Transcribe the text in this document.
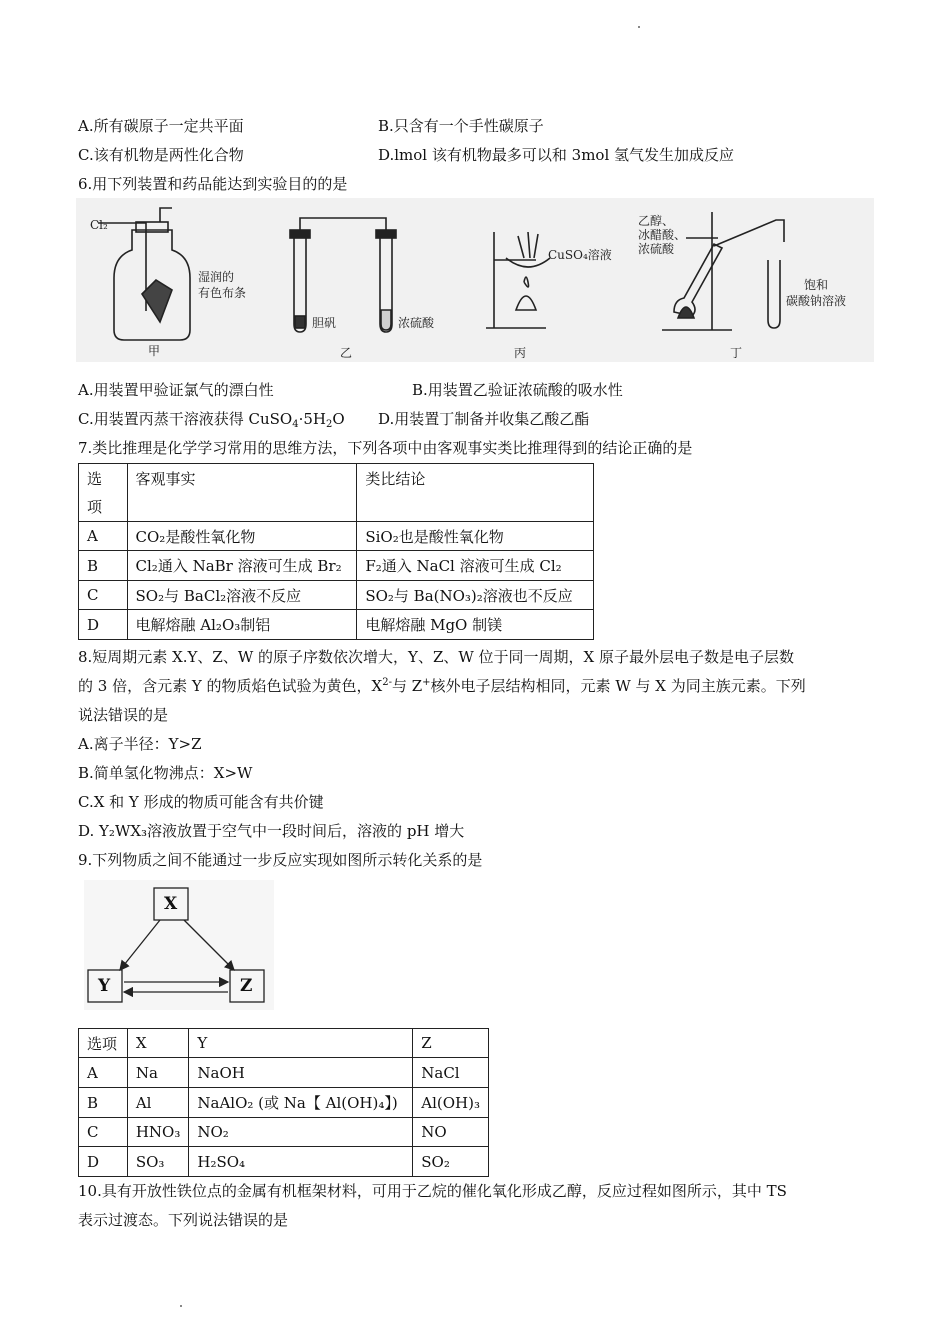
A.所有碳原子一定共平面	B.只含有一个手性碳原子
C.该有机物是两性化合物	D.lmol 该有机物最多可以和 3mol 氢气发生加成反应
6.用下列装置和药品能达到实验目的的是
Cl₂
湿润的
有色布条
胆矾	浓硫酸
CuSO₄溶液
乙醇、
冰醋酸、
浓硫酸
饱和
碳酸钠溶液
甲	乙	丙	丁
A.用装置甲验证氯气的漂白性	B.用装置乙验证浓硫酸的吸水性
C.用装置丙蒸干溶液获得 $CuSO_4\cdot 5H_2O$ D.用装置丁制备并收集乙酸乙酯
7.类比推理是化学学习常用的思维方法，下列各项中由客观事实类比推理得到的结论正确的是
选
项	客观事实	类比结论
A	CO₂是酸性氧化物	SiO₂也是酸性氧化物
B	Cl₂通入 NaBr 溶液可生成 Br₂	F₂通入 NaCl 溶液可生成 Cl₂
C	SO₂与 BaCl₂溶液不反应	SO₂与 Ba(NO₃)₂溶液也不反应
D	电解熔融 Al₂O₃制铝	电解熔融 MgO 制镁
8.短周期元素 X.Y、Z、W 的原子序数依次增大，Y、Z、W 位于同一周期，X 原子最外层电子数是电子层数
的 3 倍，含元素 Y 的物质焰色试验为黄色，$X^{2-}$与 Z+核外电子层结构相同，元素 W 与 X 为同主族元素。下列
说法错误的是
A.离子半径：Y>Z
B.简单氢化物沸点：X>W
C.X 和 Y 形成的物质可能含有共价键
D. Y₂WX₃溶液放置于空气中一段时间后，溶液的 pH 增大
9.下列物质之间不能通过一步反应实现如图所示转化关系的是
X
Y	Z
选项	X	Y	Z
A	Na	NaOH	NaCl
B	Al	NaAlO₂ (或 Na【 Al(OH)₄】)	Al(OH)₃
C	HNO₃	NO₂	NO
D	SO₃	H₂SO₄	SO₂
10.具有开放性铁位点的金属有机框架材料，可用于乙烷的催化氧化形成乙醇，反应过程如图所示，其中 TS
表示过渡态。下列说法错误的是
